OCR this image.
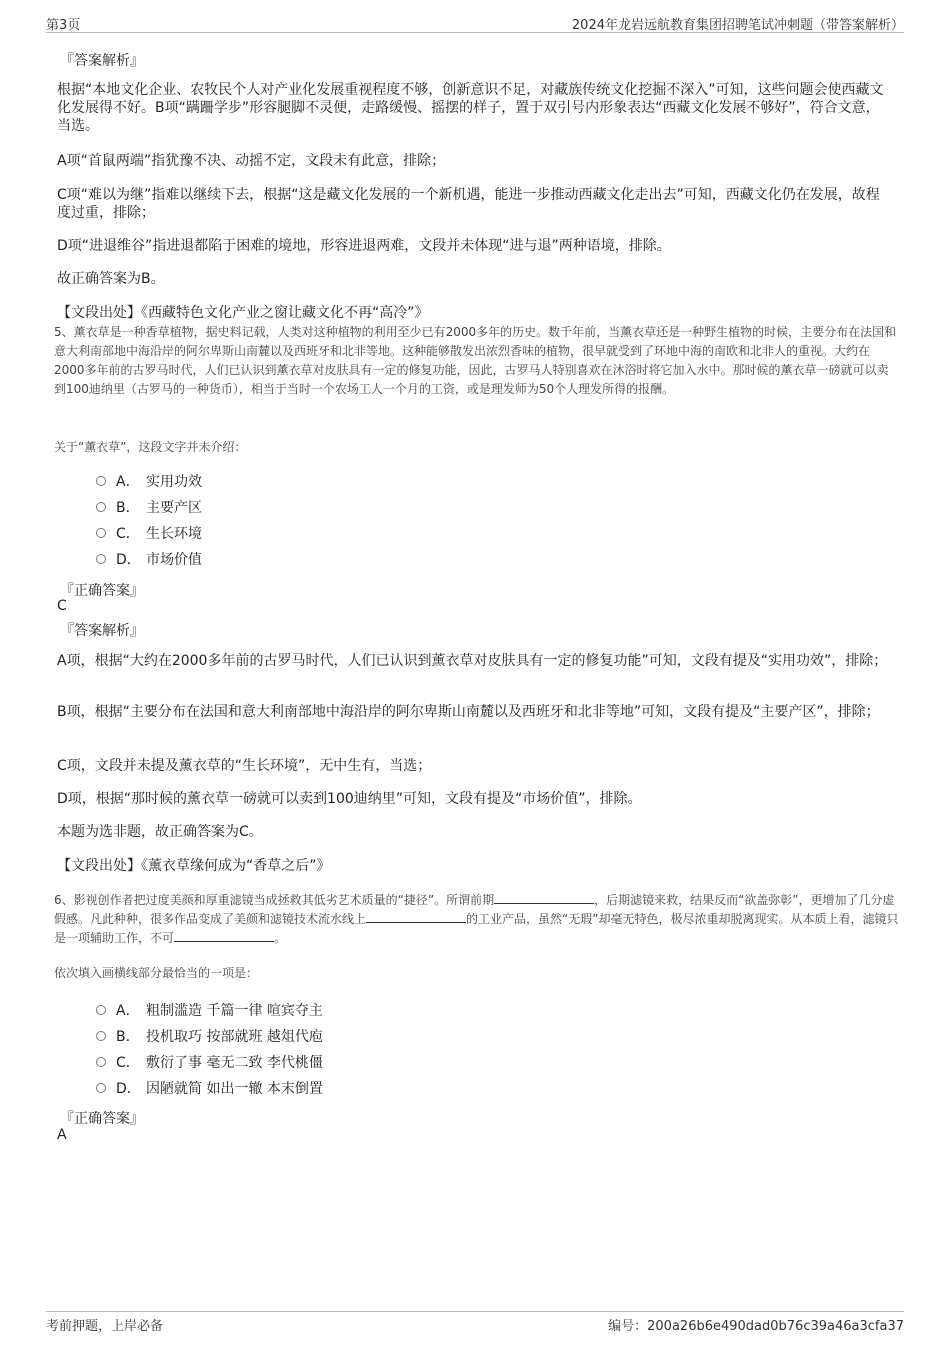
第3页	2024年龙岩远航教育集团招聘笔试冲刺题（带答案解析）
『答案解析』
根据“本地文化企业、农牧民个人对产业化发展重视程度不够，创新意识不足，对藏族传统文化挖掘不深入”可知，这些问题会使西藏文化发展得不好。B项“蹒跚学步”形容腿脚不灵便，走路缓慢、摇摆的样子，置于双引号内形象表达“西藏文化发展不够好”，符合文意，当选。
A项“首鼠两端”指犹豫不决、动摇不定，文段未有此意，排除；
C项“难以为继”指难以继续下去，根据“这是藏文化发展的一个新机遇，能进一步推动西藏文化走出去”可知，西藏文化仍在发展，故程度过重，排除；
D项“进退维谷”指进退都陷于困难的境地，形容进退两难，文段并未体现“进与退”两种语境，排除。
故正确答案为B。
【文段出处】《西藏特色文化产业之窗让藏文化不再“高冷”》
5、薰衣草是一种香草植物，据史料记载，人类对这种植物的利用至少已有2000多年的历史。数千年前，当薰衣草还是一种野生植物的时候，主要分布在法国和意大利南部地中海沿岸的阿尔卑斯山南麓以及西班牙和北非等地。这种能够散发出浓烈香味的植物，很早就受到了环地中海的南欧和北非人的重视。大约在2000多年前的古罗马时代，人们已认识到薰衣草对皮肤具有一定的修复功能，因此，古罗马人特别喜欢在沐浴时将它加入水中。那时候的薰衣草一磅就可以卖到100迪纳里（古罗马的一种货币），相当于当时一个农场工人一个月的工资，或是理发师为50个人理发所得的报酬。
关于“薰衣草”，这段文字并未介绍：
A． 实用功效
B． 主要产区
C． 生长环境
D． 市场价值
『正确答案』
C
『答案解析』
A项，根据“大约在2000多年前的古罗马时代，人们已认识到薰衣草对皮肤具有一定的修复功能”可知，文段有提及“实用功效”，排除；
B项，根据“主要分布在法国和意大利南部地中海沿岸的阿尔卑斯山南麓以及西班牙和北非等地”可知，文段有提及“主要产区”，排除；
C项，文段并未提及薰衣草的“生长环境”，无中生有，当选；
D项，根据“那时候的薰衣草一磅就可以卖到100迪纳里”可知，文段有提及“市场价值”，排除。
本题为选非题，故正确答案为C。
【文段出处】《薰衣草缘何成为“香草之后”》
6、影视创作者把过度美颜和厚重滤镜当成拯救其低劣艺术质量的“捷径”。所谓前期	，后期滤镜来救，结果反而“欲盖弥彰”，更增加了几分虚假感。凡此种种，很多作品变成了美颜和滤镜技术流水线上	的工业产品，虽然“无瑕”却毫无特色，极尽浓重却脱离现实。从本质上看，滤镜只是一项辅助工作，不可	。
依次填入画横线部分最恰当的一项是：
A． 粗制滥造 千篇一律 喧宾夺主
B． 投机取巧 按部就班 越俎代庖
C． 敷衍了事 毫无二致 李代桃僵
D． 因陋就简 如出一辙 本末倒置
『正确答案』
A
考前押题，上岸必备	编号：200a26b6e490dad0b76c39a46a3cfa37
